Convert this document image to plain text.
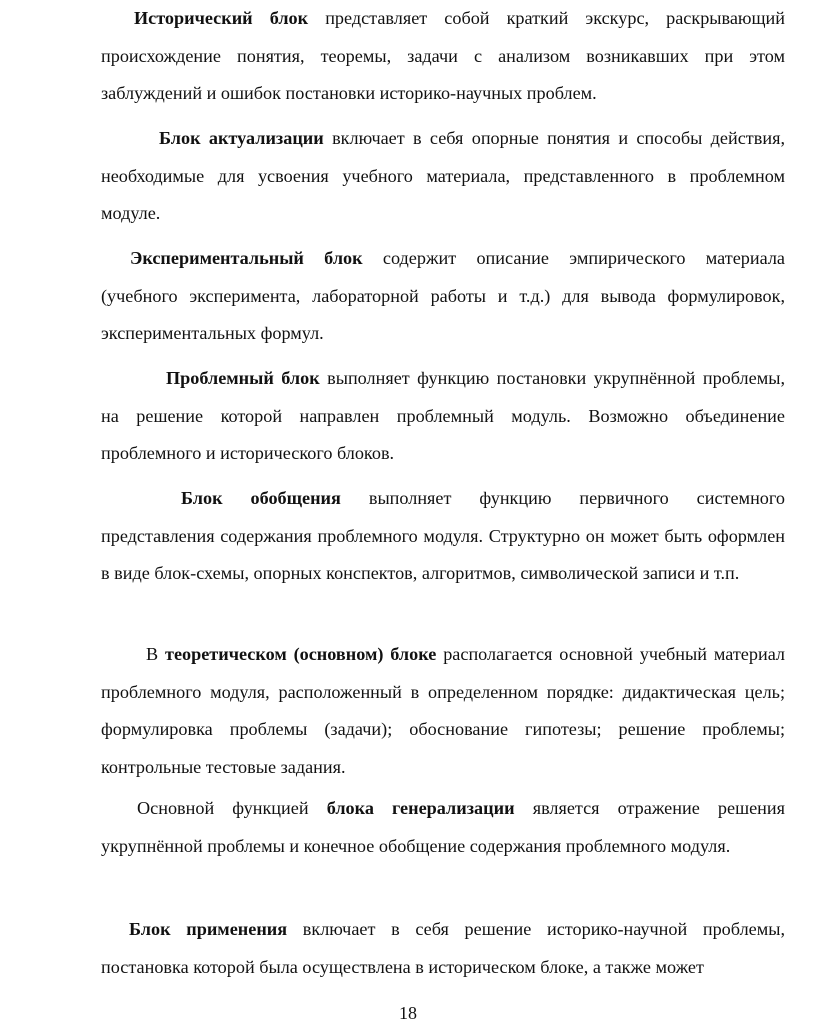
Исторический блок представляет собой краткий экскурс, раскрывающий происхождение понятия, теоремы, задачи с анализом возникавших при этом заблуждений и ошибок постановки историко-научных проблем.

Блок актуализации включает в себя опорные понятия и способы действия, необходимые для усвоения учебного материала, представленного в проблемном модуле.

Экспериментальный блок содержит описание эмпирического материала (учебного эксперимента, лабораторной работы и т.д.) для вывода формулировок, экспериментальных формул.

Проблемный блок выполняет функцию постановки укрупнённой проблемы, на решение которой направлен проблемный модуль. Возможно объединение проблемного и исторического блоков.

Блок обобщения выполняет функцию первичного системного представления содержания проблемного модуля. Структурно он может быть оформлен в виде блок-схемы, опорных конспектов, алгоритмов, символической записи и т.п.

В теоретическом (основном) блоке располагается основной учебный материал проблемного модуля, расположенный в определенном порядке: дидактическая цель; формулировка проблемы (задачи); обоснование гипотезы; решение проблемы; контрольные тестовые задания.

Основной функцией блока генерализации является отражение решения укрупнённой проблемы и конечное обобщение содержания проблемного модуля.

Блок применения включает в себя решение историко-научной проблемы, постановка которой была осуществлена в историческом блоке, а также может

18
